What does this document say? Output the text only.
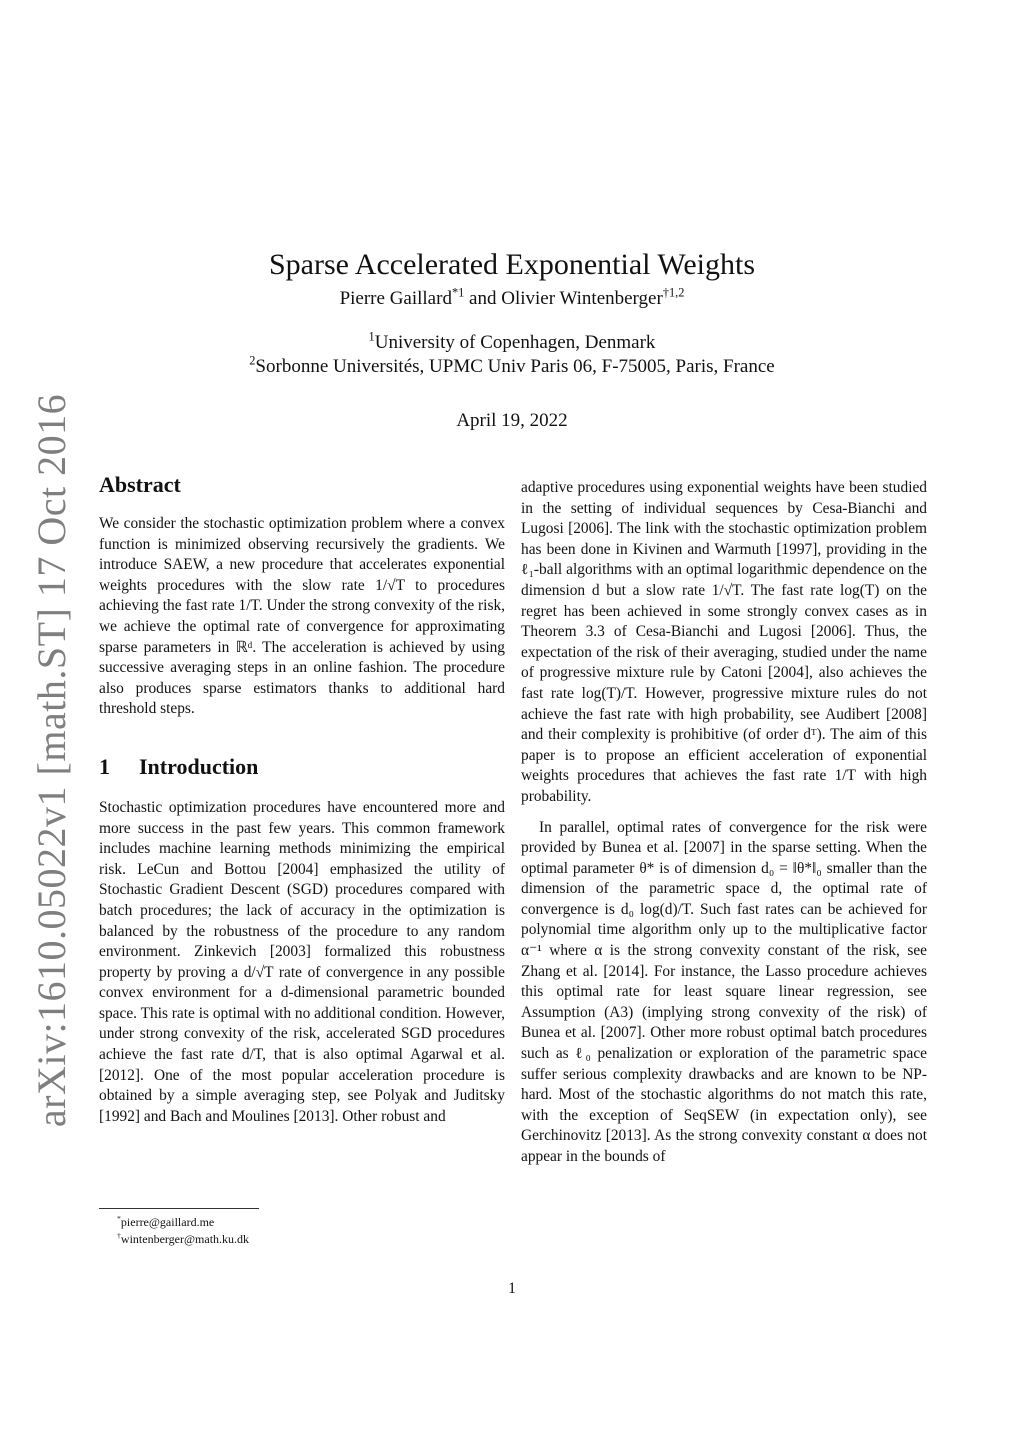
arXiv:1610.05022v1 [math.ST] 17 Oct 2016
Sparse Accelerated Exponential Weights
Pierre Gaillard$^{*1}$ and Olivier Wintenberger$^{\dagger 1,2}$
$^1$University of Copenhagen, Denmark
$^2$Sorbonne Universités, UPMC Univ Paris 06, F-75005, Paris, France
April 19, 2022
Abstract

We consider the stochastic optimization problem where a convex function is minimized observing recursively the gradients. We introduce SAEW, a new procedure that accelerates exponential weights procedures with the slow rate 1/√T to procedures achieving the fast rate 1/T. Under the strong convexity of the risk, we achieve the optimal rate of convergence for approximating sparse parameters in ℝᵈ. The acceleration is achieved by using successive averaging steps in an online fashion. The procedure also produces sparse estimators thanks to additional hard threshold steps.

1 Introduction

Stochastic optimization procedures have encountered more and more success in the past few years. This common framework includes machine learning methods minimizing the empirical risk. LeCun and Bottou [2004] emphasized the utility of Stochastic Gradient Descent (SGD) procedures compared with batch procedures; the lack of accuracy in the optimization is balanced by the robustness of the procedure to any random environment. Zinkevich [2003] formalized this robustness property by proving a d/√T rate of convergence in any possible convex environment for a d-dimensional parametric bounded space. This rate is optimal with no additional condition. However, under strong convexity of the risk, accelerated SGD procedures achieve the fast rate d/T, that is also optimal Agarwal et al. [2012]. One of the most popular acceleration procedure is obtained by a simple averaging step, see Polyak and Juditsky [1992] and Bach and Moulines [2013]. Other robust and

adaptive procedures using exponential weights have been studied in the setting of individual sequences by Cesa-Bianchi and Lugosi [2006]. The link with the stochastic optimization problem has been done in Kivinen and Warmuth [1997], providing in the ℓ₁-ball algorithms with an optimal logarithmic dependence on the dimension d but a slow rate 1/√T. The fast rate log(T) on the regret has been achieved in some strongly convex cases as in Theorem 3.3 of Cesa-Bianchi and Lugosi [2006]. Thus, the expectation of the risk of their averaging, studied under the name of progressive mixture rule by Catoni [2004], also achieves the fast rate log(T)/T. However, progressive mixture rules do not achieve the fast rate with high probability, see Audibert [2008] and their complexity is prohibitive (of order dᵀ). The aim of this paper is to propose an efficient acceleration of exponential weights procedures that achieves the fast rate 1/T with high probability.

In parallel, optimal rates of convergence for the risk were provided by Bunea et al. [2007] in the sparse setting. When the optimal parameter θ* is of dimension d₀ = ‖θ*‖₀ smaller than the dimension of the parametric space d, the optimal rate of convergence is d₀ log(d)/T. Such fast rates can be achieved for polynomial time algorithm only up to the multiplicative factor α⁻¹ where α is the strong convexity constant of the risk, see Zhang et al. [2014]. For instance, the Lasso procedure achieves this optimal rate for least square linear regression, see Assumption (A3) (implying strong convexity of the risk) of Bunea et al. [2007]. Other more robust optimal batch procedures such as ℓ₀ penalization or exploration of the parametric space suffer serious complexity drawbacks and are known to be NP-hard. Most of the stochastic algorithms do not match this rate, with the exception of SeqSEW (in expectation only), see Gerchinovitz [2013]. As the strong convexity constant α does not appear in the bounds of

*pierre@gaillard.me
†wintenberger@math.ku.dk
1
